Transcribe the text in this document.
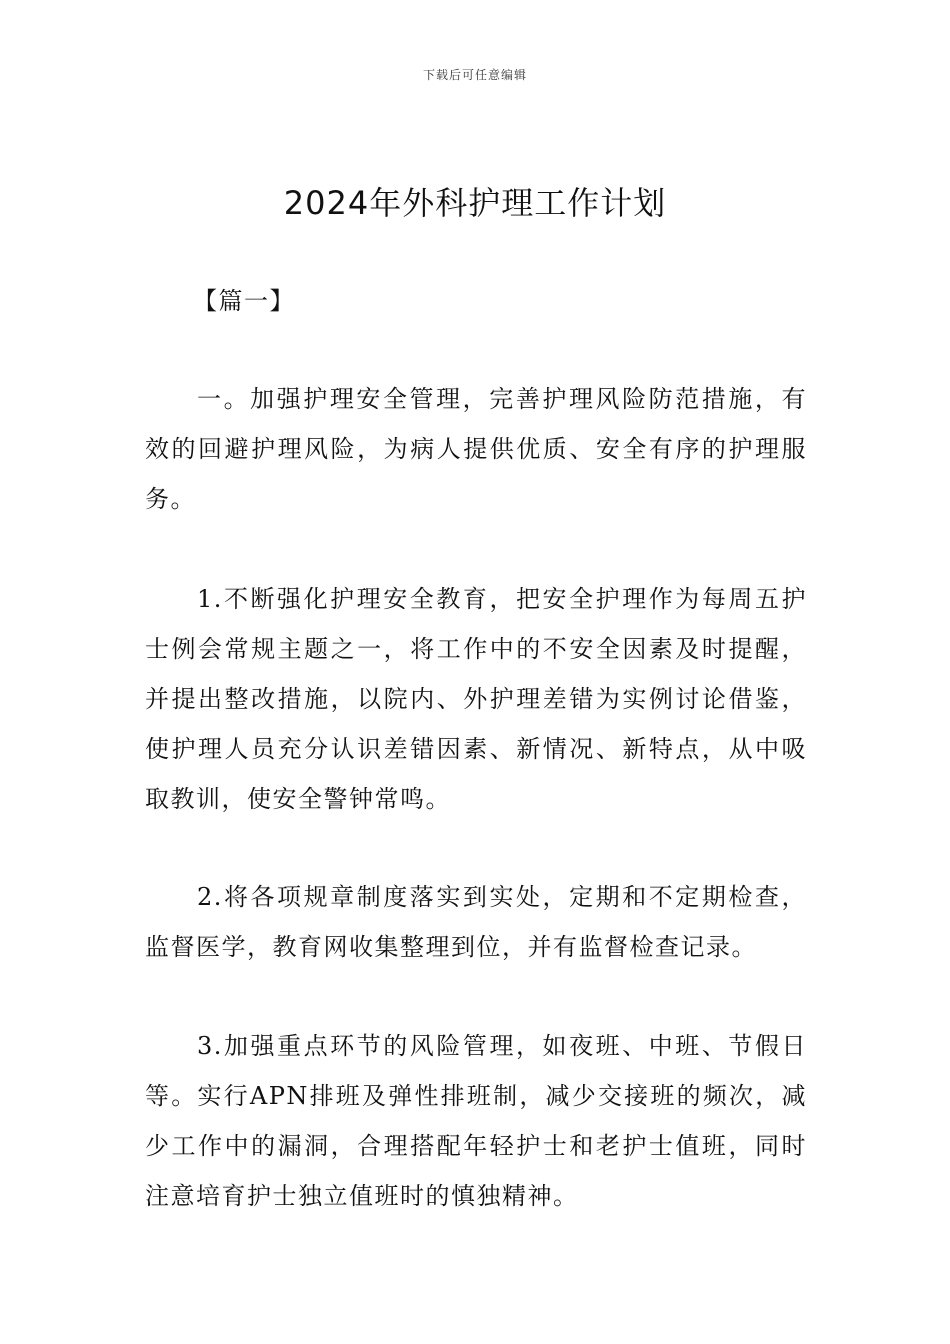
下载后可任意编辑
2024年外科护理工作计划
【篇一】

一。加强护理安全管理，完善护理风险防范措施，有效的回避护理风险，为病人提供优质、安全有序的护理服务。

1.不断强化护理安全教育，把安全护理作为每周五护士例会常规主题之一，将工作中的不安全因素及时提醒，并提出整改措施，以院内、外护理差错为实例讨论借鉴，使护理人员充分认识差错因素、新情况、新特点，从中吸取教训，使安全警钟常鸣。

2.将各项规章制度落实到实处，定期和不定期检查，监督医学，教育网收集整理到位，并有监督检查记录。

3.加强重点环节的风险管理，如夜班、中班、节假日等。实行APN排班及弹性排班制，减少交接班的频次，减少工作中的漏洞，合理搭配年轻护士和老护士值班，同时注意培育护士独立值班时的慎独精神。
